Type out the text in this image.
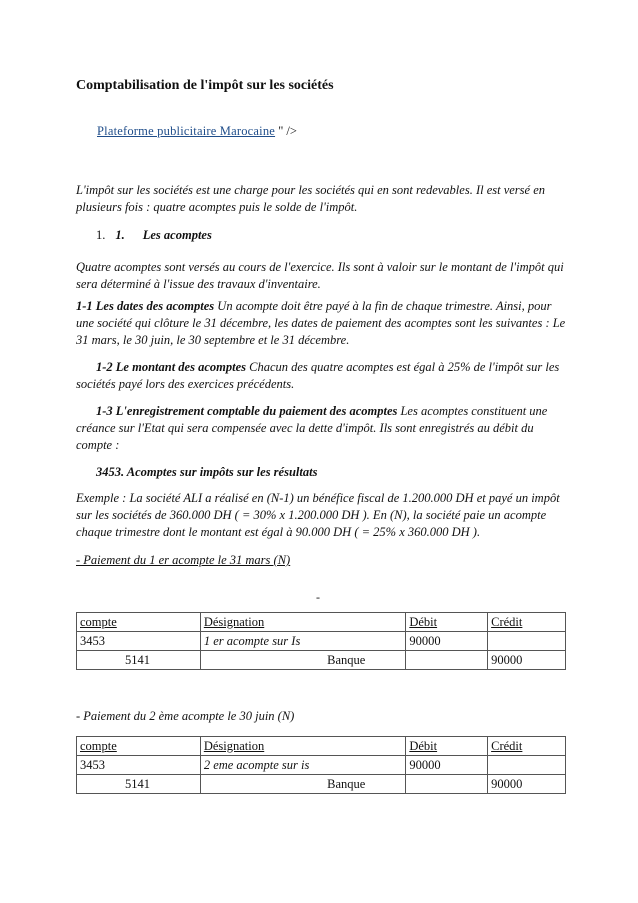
Comptabilisation de l'impôt sur les sociétés
Plateforme publicitaire Marocaine " />
L'impôt sur les sociétés est une charge pour les sociétés qui en sont redevables. Il est versé en plusieurs fois : quatre acomptes puis le solde de l'impôt.
1. 1. Les acomptes
Quatre acomptes sont versés au cours de l'exercice. Ils sont à valoir sur le montant de l'impôt qui sera déterminé à l'issue des travaux d'inventaire.
1-1 Les dates des acomptes Un acompte doit être payé à la fin de chaque trimestre. Ainsi, pour une société qui clôture le 31 décembre, les dates de paiement des acomptes sont les suivantes : Le 31 mars, le 30 juin, le 30 septembre et le 31 décembre.
1-2 Le montant des acomptes Chacun des quatre acomptes est égal à 25% de l'impôt sur les sociétés payé lors des exercices précédents.
1-3 L'enregistrement comptable du paiement des acomptes Les acomptes constituent une créance sur l'Etat qui sera compensée avec la dette d'impôt. Ils sont enregistrés au débit du compte :
3453. Acomptes sur impôts sur les résultats
Exemple : La société ALI a réalisé en (N-1) un bénéfice fiscal de 1.200.000 DH et payé un impôt sur les sociétés de 360.000 DH ( = 30% x 1.200.000 DH ). En (N), la société paie un acompte chaque trimestre dont le montant est égal à 90.000 DH ( = 25% x 360.000 DH ).
- Paiement du 1 er acompte le 31 mars (N)
-
compte	Désignation	Débit	Crédit
3453	1 er acompte sur Is	90000	
5141	Banque		90000
- Paiement du 2 ème acompte le 30 juin (N)
compte	Désignation	Débit	Crédit
3453	2 eme acompte sur is	90000	
5141	Banque		90000
